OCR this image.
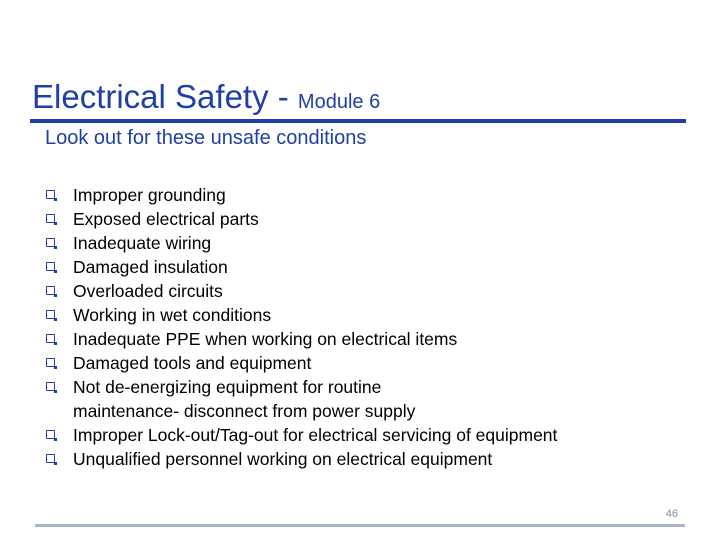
Electrical Safety - Module 6
Look out for these unsafe conditions
Improper grounding
Exposed electrical parts
Inadequate wiring
Damaged insulation
Overloaded circuits
Working in wet conditions
Inadequate PPE when working on electrical items
Damaged tools and equipment
Not de-energizing equipment for routine maintenance- disconnect from power supply
Improper Lock-out/Tag-out for electrical servicing of equipment
Unqualified personnel working on electrical equipment
46
